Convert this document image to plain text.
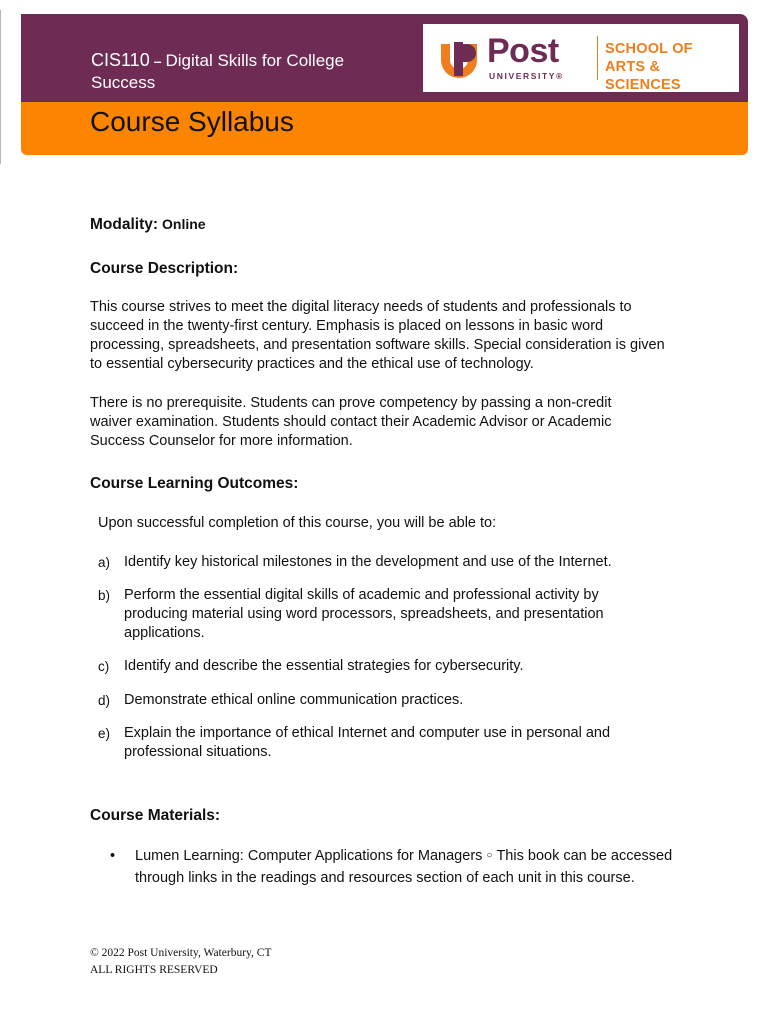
CIS110 – Digital Skills for College Success
Post
UNIVERSITY®
SCHOOL OF
ARTS & SCIENCES
Course Syllabus
Modality: Online
Course Description:

This course strives to meet the digital literacy needs of students and professionals to succeed in the twenty-first century. Emphasis is placed on lessons in basic word processing, spreadsheets, and presentation software skills. Special consideration is given to essential cybersecurity practices and the ethical use of technology.

There is no prerequisite. Students can prove competency by passing a non-credit waiver examination. Students should contact their Academic Advisor or Academic Success Counselor for more information.

Course Learning Outcomes:
Upon successful completion of this course, you will be able to:
a) Identify key historical milestones in the development and use of the Internet.
b) Perform the essential digital skills of academic and professional activity by producing material using word processors, spreadsheets, and presentation applications.
c) Identify and describe the essential strategies for cybersecurity.
d) Demonstrate ethical online communication practices.
e) Explain the importance of ethical Internet and computer use in personal and professional situations.
Course Materials:
• Lumen Learning: Computer Applications for Managers ○ This book can be accessed through links in the readings and resources section of each unit in this course.
© 2022 Post University, Waterbury, CT
ALL RIGHTS RESERVED
